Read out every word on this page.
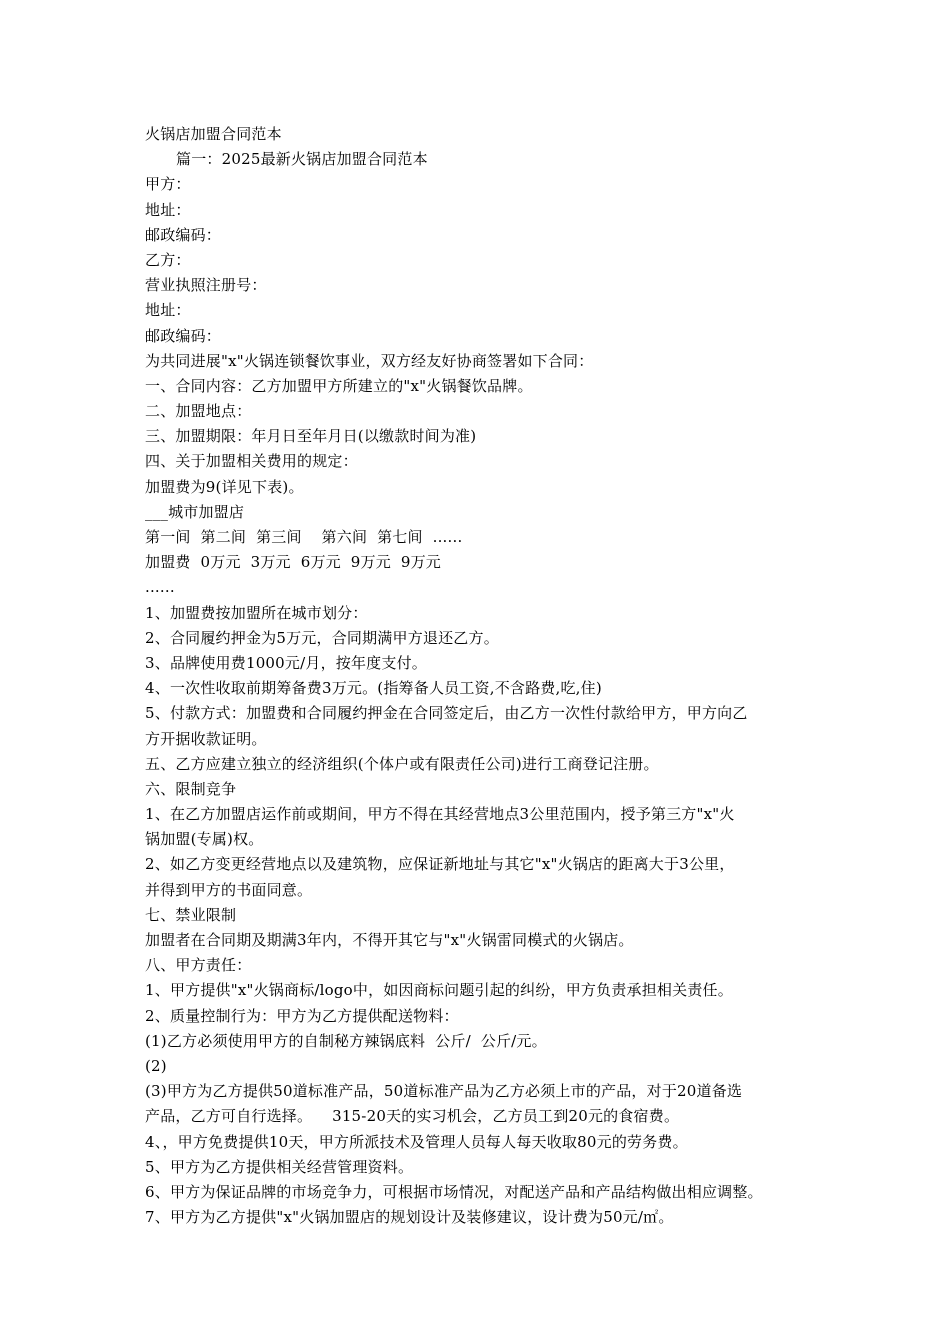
火锅店加盟合同范本
篇一：2025最新火锅店加盟合同范本
甲方：
地址：
邮政编码：
乙方：
营业执照注册号：
地址：
邮政编码：
为共同进展"x"火锅连锁餐饮事业，双方经友好协商签署如下合同：
一、合同内容：乙方加盟甲方所建立的"x"火锅餐饮品牌。
二、加盟地点：
三、加盟期限：年月日至年月日(以缴款时间为准)
四、关于加盟相关费用的规定：
加盟费为9(详见下表)。
___城市加盟店
第一间  第二间  第三间    第六间  第七间  ......
加盟费  0万元  3万元  6万元  9万元  9万元
......
1、加盟费按加盟所在城市划分：
2、合同履约押金为5万元，合同期满甲方退还乙方。
3、品牌使用费1000元/月，按年度支付。
4、一次性收取前期筹备费3万元。(指筹备人员工资,不含路费,吃,住)
5、付款方式：加盟费和合同履约押金在合同签定后，由乙方一次性付款给甲方，甲方向乙
方开据收款证明。
五、乙方应建立独立的经济组织(个体户或有限责任公司)进行工商登记注册。
六、限制竞争
1、在乙方加盟店运作前或期间，甲方不得在其经营地点3公里范围内，授予第三方"x"火
锅加盟(专属)权。
2、如乙方变更经营地点以及建筑物，应保证新地址与其它"x"火锅店的距离大于3公里，
并得到甲方的书面同意。
七、禁业限制
加盟者在合同期及期满3年内，不得开其它与"x"火锅雷同模式的火锅店。
八、甲方责任：
1、甲方提供"x"火锅商标/logo中，如因商标问题引起的纠纷，甲方负责承担相关责任。
2、质量控制行为：甲方为乙方提供配送物料：
(1)乙方必须使用甲方的自制秘方辣锅底料  公斤/  公斤/元。
(2)
(3)甲方为乙方提供50道标准产品，50道标准产品为乙方必须上市的产品，对于20道备选
产品，乙方可自行选择。    315-20天的实习机会，乙方员工到20元的食宿费。
4、，甲方免费提供10天，甲方所派技术及管理人员每人每天收取80元的劳务费。
5、甲方为乙方提供相关经营管理资料。
6、甲方为保证品牌的市场竞争力，可根据市场情况，对配送产品和产品结构做出相应调整。
7、甲方为乙方提供"x"火锅加盟店的规划设计及装修建议，设计费为50元/㎡。
